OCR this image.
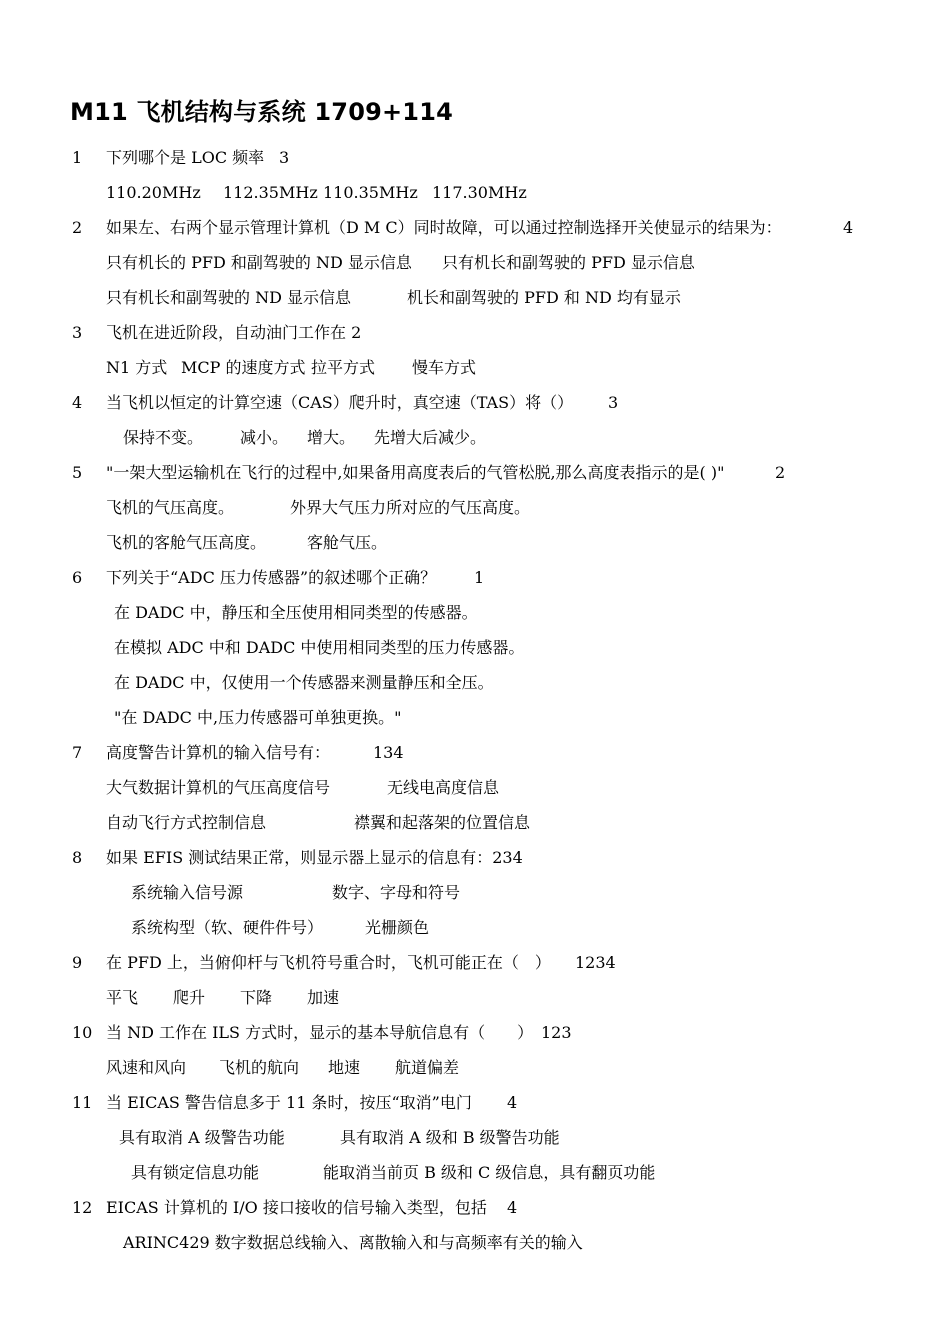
M11 飞机结构与系统 1709+114
1 下列哪个是 LOC 频率 3
110.20MHz 112.35MHz 110.35MHz 117.30MHz
2 如果左、右两个显示管理计算机（D M C）同时故障，可以通过控制选择开关使显示的结果为：	4
只有机长的 PFD 和副驾驶的 ND 显示信息 只有机长和副驾驶的 PFD 显示信息
只有机长和副驾驶的 ND 显示信息	机长和副驾驶的 PFD 和 ND 均有显示
3 飞机在进近阶段，自动油门工作在 2
N1 方式 MCP 的速度方式 拉平方式 慢车方式
4 当飞机以恒定的计算空速（CAS）爬升时，真空速（TAS）将（） 3
保持不变。 减小。 增大。 先增大后减少。
5 "一架大型运输机在飞行的过程中,如果备用高度表后的气管松脱,那么高度表指示的是( )"	2
飞机的气压高度。	外界大气压力所对应的气压高度。
飞机的客舱气压高度。	客舱气压。
6 下列关于“ADC 压力传感器”的叙述哪个正确？ 1
在 DADC 中，静压和全压使用相同类型的传感器。
在模拟 ADC 中和 DADC 中使用相同类型的压力传感器。
在 DADC 中，仅使用一个传感器来测量静压和全压。
"在 DADC 中,压力传感器可单独更换。"
7 高度警告计算机的输入信号有：	134
大气数据计算机的气压高度信号	无线电高度信息
自动飞行方式控制信息	襟翼和起落架的位置信息
8 如果 EFIS 测试结果正常，则显示器上显示的信息有：234
系统输入信号源	数字、字母和符号
系统构型（软、硬件件号）	光栅颜色
9 在 PFD 上，当俯仰杆与飞机符号重合时，飞机可能正在（　） 1234
平飞 爬升 下降 加速
10 当 ND 工作在 ILS 方式时，显示的基本导航信息有（　　） 123
风速和风向 飞机的航向 地速 航道偏差
11 当 EICAS 警告信息多于 11 条时，按压“取消”电门 4
具有取消 A 级警告功能	具有取消 A 级和 B 级警告功能
具有锁定信息功能	能取消当前页 B 级和 C 级信息，具有翻页功能
12 EICAS 计算机的 I/O 接口接收的信号输入类型，包括 4
ARINC429 数字数据总线输入、离散输入和与高频率有关的输入
